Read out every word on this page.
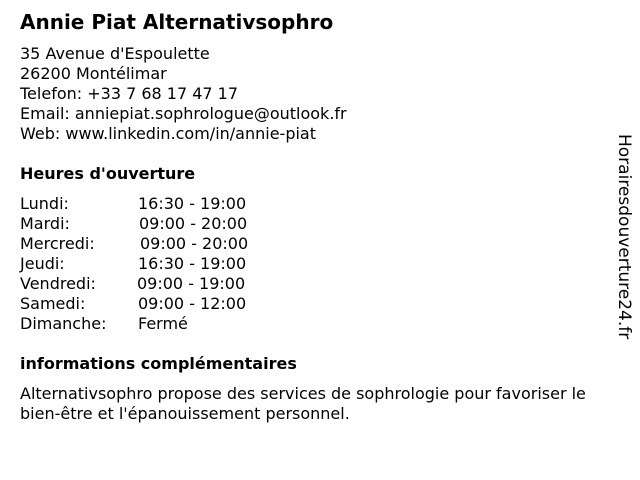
Annie Piat Alternativsophro
35 Avenue d'Espoulette
26200 Montélimar
Telefon: +33 7 68 17 47 17
Email: anniepiat.sophrologue@outlook.fr
Web: www.linkedin.com/in/annie-piat
Heures d'ouverture
Lundi:	16:30 - 19:00
Mardi:	09:00 - 20:00
Mercredi:	09:00 - 20:00
Jeudi:	16:30 - 19:00
Vendredi:	09:00 - 19:00
Samedi:	09:00 - 12:00
Dimanche: Fermé
informations complémentaires
Alternativsophro propose des services de sophrologie pour favoriser le bien-être et l'épanouissement personnel.
Horairesdouverture24.fr
